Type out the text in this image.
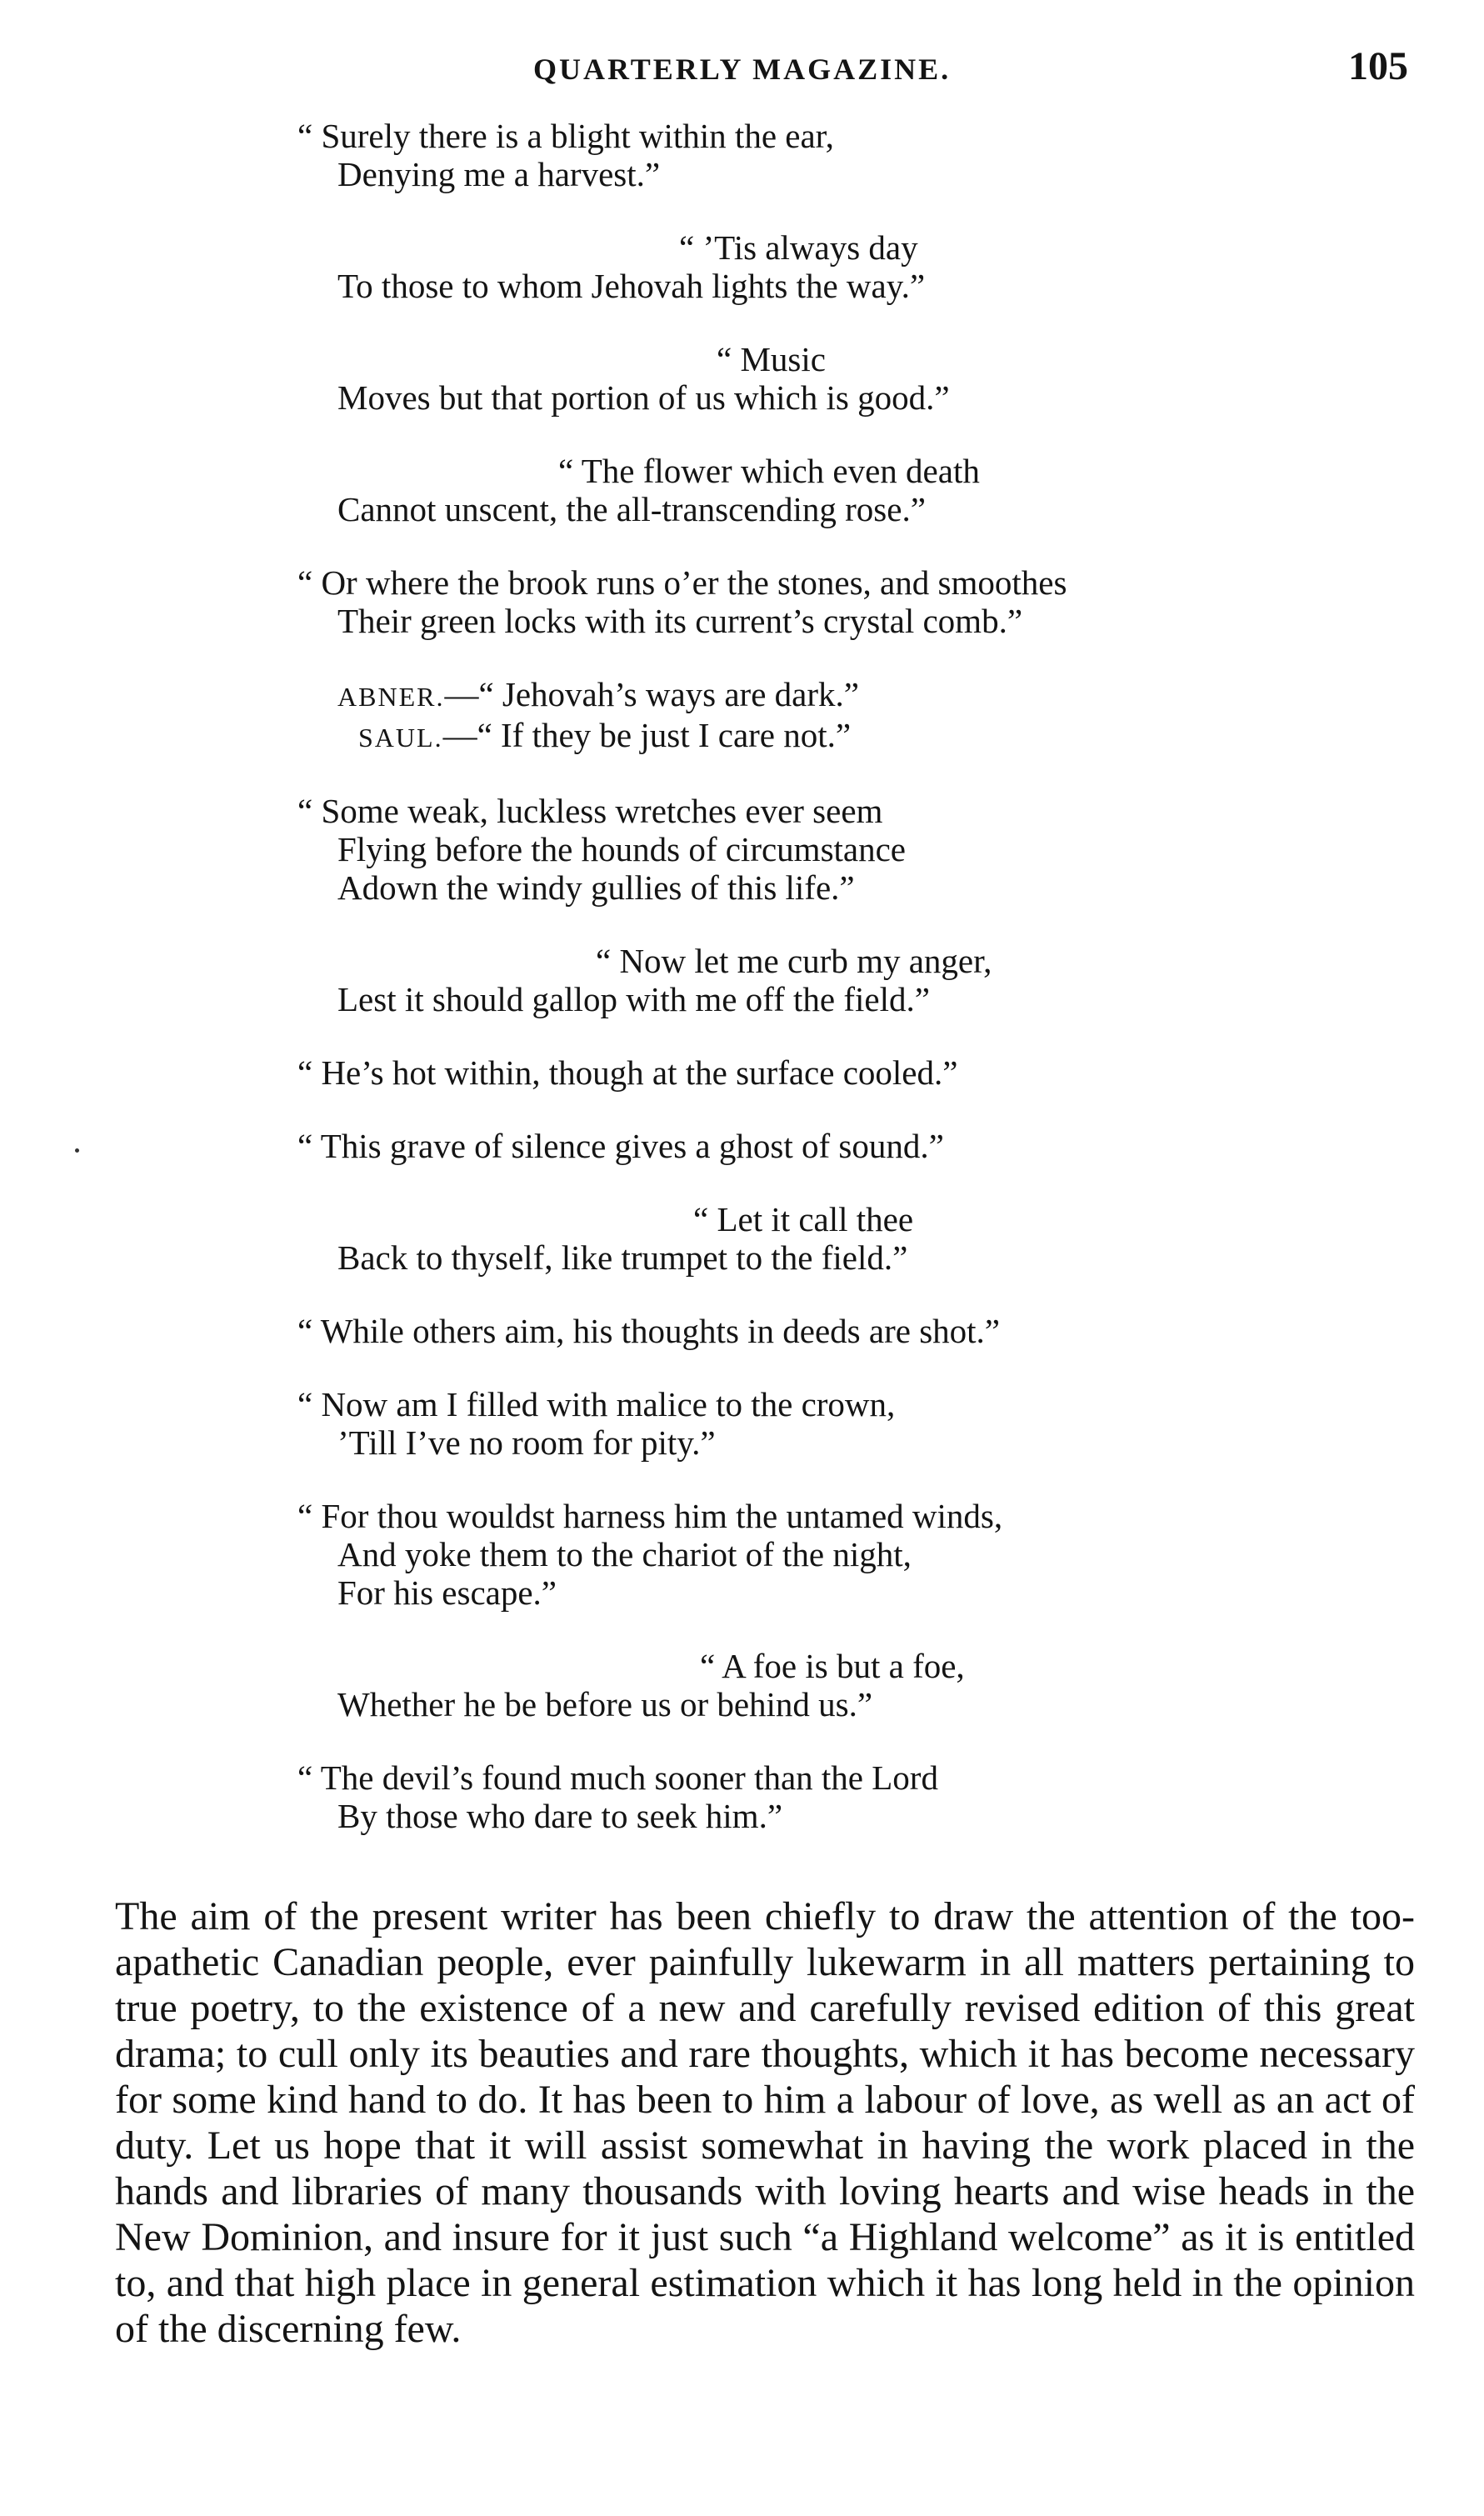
QUARTERLY MAGAZINE.	105
“ Surely there is a blight within the ear,
Denying me a harvest.”
“ ’Tis always day
To those to whom Jehovah lights the way.”
“ Music
Moves but that portion of us which is good.”
“ The flower which even death
Cannot unscent, the all-transcending rose.”
“ Or where the brook runs o’er the stones, and smoothes
Their green locks with its current’s crystal comb.”
ABNER.—“ Jehovah’s ways are dark.”
SAUL.—“ If they be just I care not.”
“ Some weak, luckless wretches ever seem
Flying before the hounds of circumstance
Adown the windy gullies of this life.”
“ Now let me curb my anger,
Lest it should gallop with me off the field.”
“ He’s hot within, though at the surface cooled.”
“ This grave of silence gives a ghost of sound.”
“ Let it call thee
Back to thyself, like trumpet to the field.”
“ While others aim, his thoughts in deeds are shot.”
“ Now am I filled with malice to the crown,
’Till I’ve no room for pity.”
“ For thou wouldst harness him the untamed winds,
And yoke them to the chariot of the night,
For his escape.”
“ A foe is but a foe,
Whether he be before us or behind us.”
“ The devil’s found much sooner than the Lord
By those who dare to seek him.”

The aim of the present writer has been chiefly to draw the attention of the too-apathetic Canadian people, ever painfully lukewarm in all matters pertaining to true poetry, to the existence of a new and carefully revised edition of this great drama; to cull only its beauties and rare thoughts, which it has become necessary for some kind hand to do. It has been to him a labour of love, as well as an act of duty. Let us hope that it will assist somewhat in having the work placed in the hands and libraries of many thousands with loving hearts and wise heads in the New Dominion, and insure for it just such “a Highland welcome” as it is entitled to, and that high place in general estimation which it has long held in the opinion of the discerning few.
